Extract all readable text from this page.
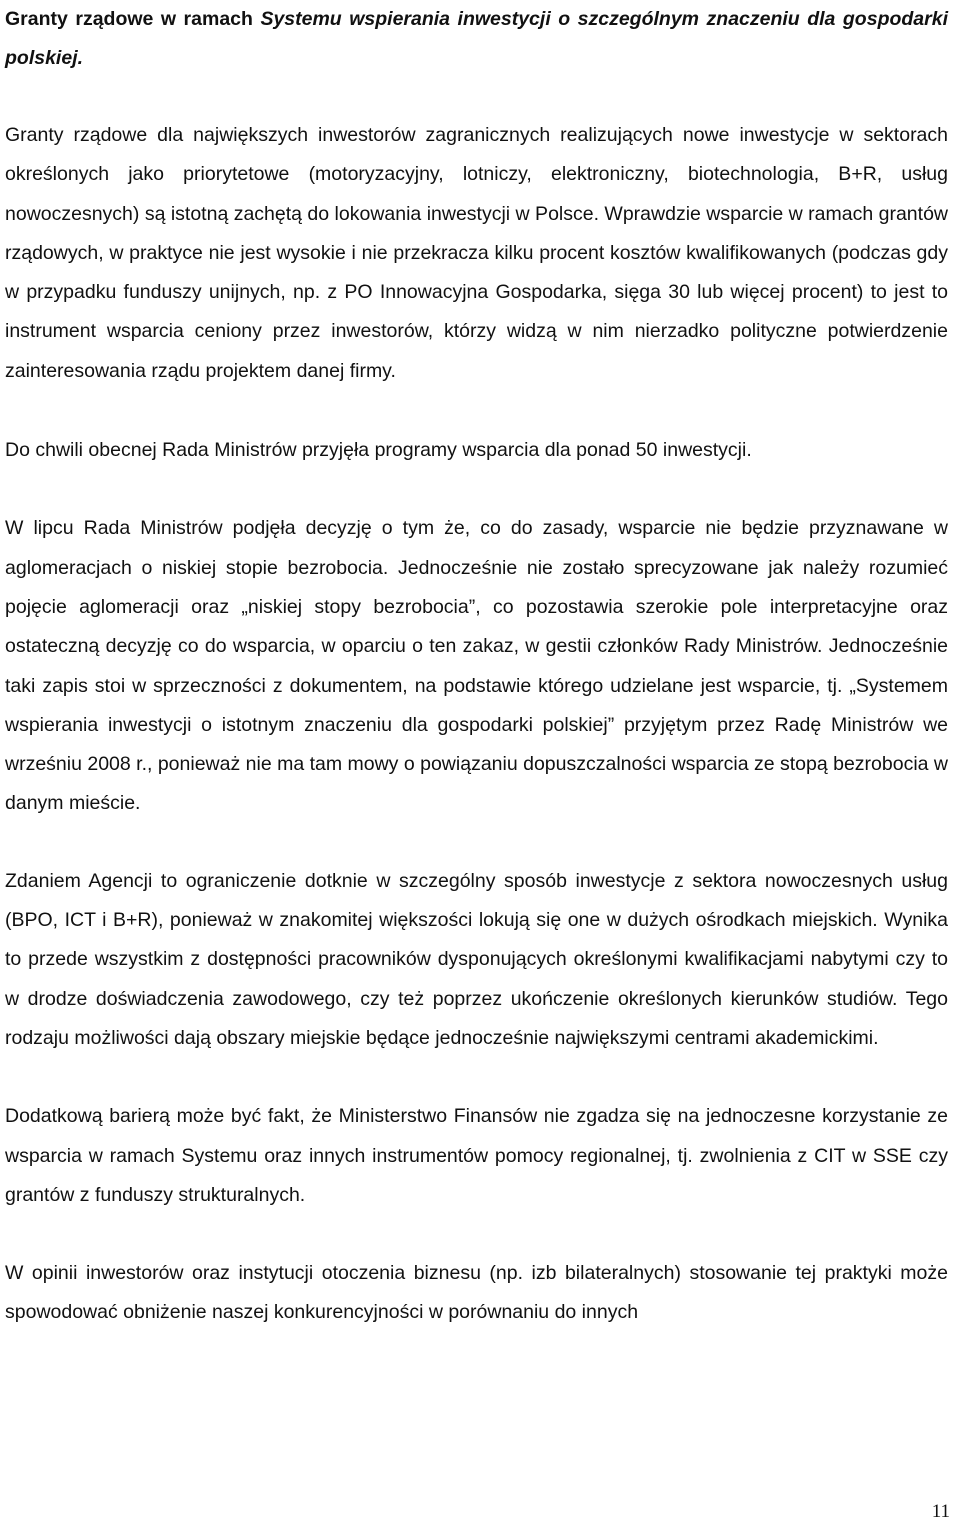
Granty rządowe w ramach Systemu wspierania inwestycji o szczególnym znaczeniu dla gospodarki polskiej.

Granty rządowe dla największych inwestorów zagranicznych realizujących nowe inwestycje w sektorach określonych jako priorytetowe (motoryzacyjny, lotniczy, elektroniczny, biotechnologia, B+R, usług nowoczesnych) są istotną zachętą do lokowania inwestycji w Polsce. Wprawdzie wsparcie w ramach grantów rządowych, w praktyce nie jest wysokie i nie przekracza kilku procent kosztów kwalifikowanych (podczas gdy w przypadku funduszy unijnych, np. z PO Innowacyjna Gospodarka, sięga 30 lub więcej procent) to jest to instrument wsparcia ceniony przez inwestorów, którzy widzą w nim nierzadko polityczne potwierdzenie zainteresowania rządu projektem danej firmy.

Do chwili obecnej Rada Ministrów przyjęła programy wsparcia dla ponad 50 inwestycji.

W lipcu Rada Ministrów podjęła decyzję o tym że, co do zasady, wsparcie nie będzie przyznawane w aglomeracjach o niskiej stopie bezrobocia. Jednocześnie nie zostało sprecyzowane jak należy rozumieć pojęcie aglomeracji oraz „niskiej stopy bezrobocia”, co pozostawia szerokie pole interpretacyjne oraz ostateczną decyzję co do wsparcia, w oparciu o ten zakaz, w gestii członków Rady Ministrów. Jednocześnie taki zapis stoi w sprzeczności z dokumentem, na podstawie którego udzielane jest wsparcie, tj. „Systemem wspierania inwestycji o istotnym znaczeniu dla gospodarki polskiej” przyjętym przez Radę Ministrów we wrześniu 2008 r., ponieważ nie ma tam mowy o powiązaniu dopuszczalności wsparcia ze stopą bezrobocia w danym mieście.

Zdaniem Agencji to ograniczenie dotknie w szczególny sposób inwestycje z sektora nowoczesnych usług (BPO, ICT i B+R), ponieważ w znakomitej większości lokują się one w dużych ośrodkach miejskich. Wynika to przede wszystkim z dostępności pracowników dysponujących określonymi kwalifikacjami nabytymi czy to w drodze doświadczenia zawodowego, czy też poprzez ukończenie określonych kierunków studiów. Tego rodzaju możliwości dają obszary miejskie będące jednocześnie największymi centrami akademickimi.

Dodatkową barierą może być fakt, że Ministerstwo Finansów nie zgadza się na jednoczesne korzystanie ze wsparcia w ramach Systemu oraz innych instrumentów pomocy regionalnej, tj. zwolnienia z CIT w SSE czy grantów z funduszy strukturalnych.

W opinii inwestorów oraz instytucji otoczenia biznesu (np. izb bilateralnych) stosowanie tej praktyki może spowodować obniżenie naszej konkurencyjności w porównaniu do innych

11
